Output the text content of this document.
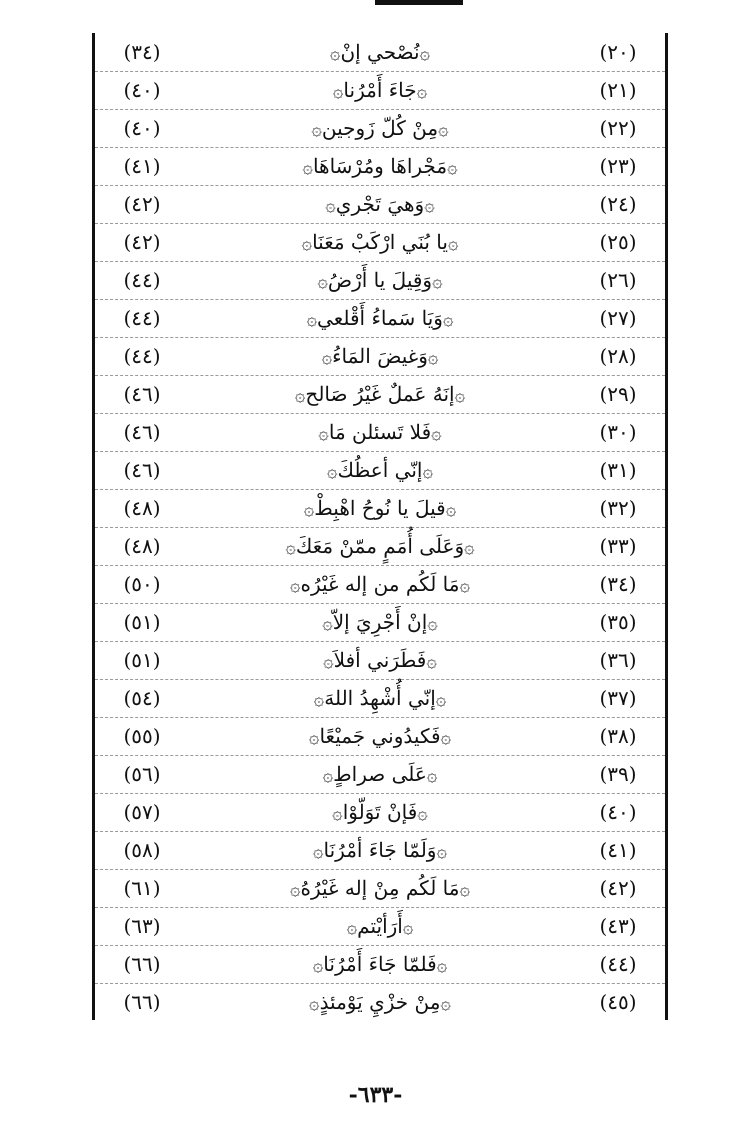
(٢٠)
۞نُصْحي إنْ۞
(٣٤)
(٢١)
۞جَاءَ أَمْرُنا۞
(٤٠)
(٢٢)
۞مِنْ كُلّ زَوجين۞
(٤٠)
(٢٣)
۞مَجْراهَا ومُرْسَاهَا۞
(٤١)
(٢٤)
۞وَهيَ تَجْري۞
(٤٢)
(٢٥)
۞يا بُنَي ارْكَبْ مَعَنَا۞
(٤٢)
(٢٦)
۞وَقِيلَ يا أَرْضُ۞
(٤٤)
(٢٧)
۞وَيَا سَماءُ أَقْلعي۞
(٤٤)
(٢٨)
۞وَغيضَ المَاءُ۞
(٤٤)
(٢٩)
۞إنَهُ عَملٌ غَيْرُ صَالح۞
(٤٦)
(٣٠)
۞فَلا تَسئلن مَا۞
(٤٦)
(٣١)
۞إنّي أعظُكَ۞
(٤٦)
(٣٢)
۞قيلَ يا نُوحُ اهْبِطْ۞
(٤٨)
(٣٣)
۞وَعَلَى أُمَمٍ ممّنْ مَعَكَ۞
(٤٨)
(٣٤)
۞مَا لَكُم من إله غَيْرُه۞
(٥٠)
(٣٥)
۞إنْ أَجْرِيَ إلاّ۞
(٥١)
(٣٦)
۞فَطَرَني أفلاَ۞
(٥١)
(٣٧)
۞إنّي أُشْهِدُ اللهَ۞
(٥٤)
(٣٨)
۞فَكيدُوني جَميْعًا۞
(٥٥)
(٣٩)
۞عَلَى صراطٍ۞
(٥٦)
(٤٠)
۞فَإنْ تَوَلّوْا۞
(٥٧)
(٤١)
۞وَلَمّا جَاءَ أمْرُنَا۞
(٥٨)
(٤٢)
۞مَا لَكُم مِنْ إله غَيْرُهُ۞
(٦١)
(٤٣)
۞أَرَأيْتم۞
(٦٣)
(٤٤)
۞فَلمّا جَاءَ أَمْرُنَا۞
(٦٦)
(٤٥)
۞مِنْ خزْيِ يَوْمئذٍ۞
(٦٦)
-٦٣٣-
